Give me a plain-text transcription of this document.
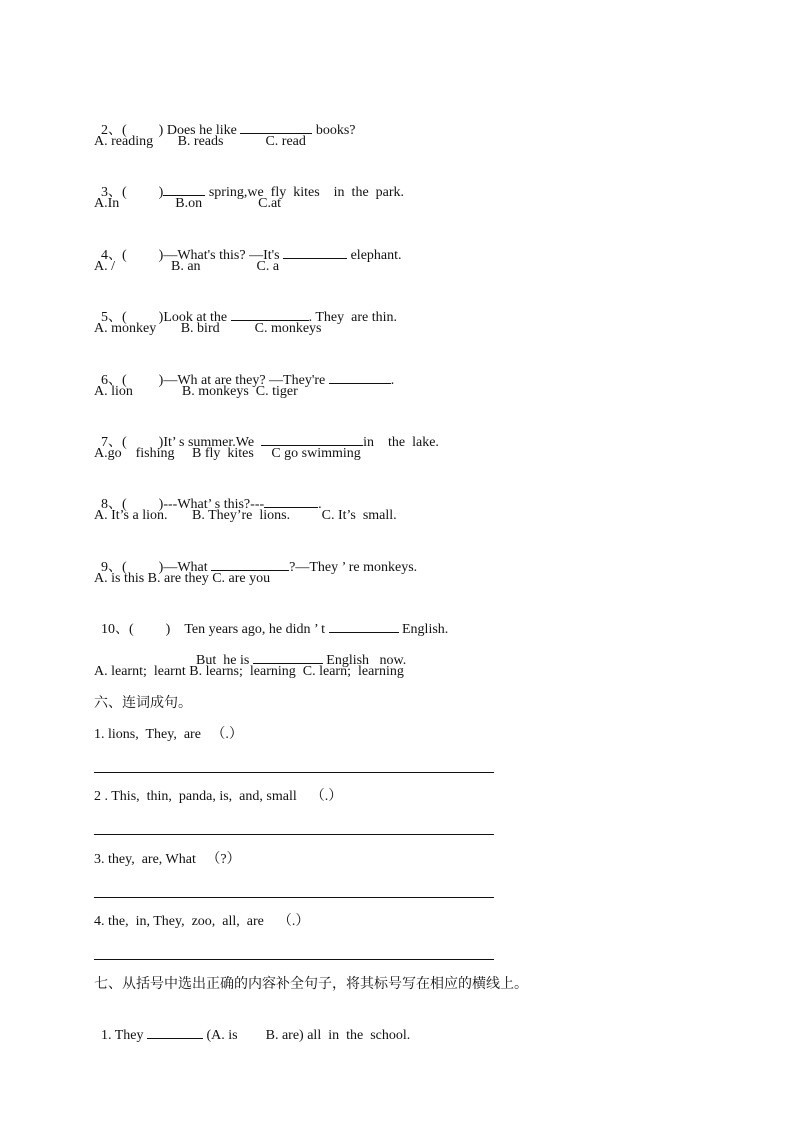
2、( ) Does he like	books?

A. reading       B. reads            C. read

3、( )	spring,we  fly  kites    in  the  park.

A.In                B.on                C.at

4、( )—What's this? —It's	elephant.

A. /                B. an                C. a

5、( )Look at the	. They  are thin.

A. monkey       B. bird          C. monkeys

6、( )—Wh at are they? —They're	.

A. lion              B. monkeys  C. tiger

7、( )It’ s summer.We	in    the  lake.

A.go    fishing     B fly  kites     C go swimming

8、( )---What’ s this?---	.

A. It’s a lion.       B. They’re  lions.         C. It’s  small.

9、( )—What	?—They ’ re monkeys.

A. is this B. are they C. are you

10、( )    Ten years ago, he didn ’ t	English.

But  he is	English   now.

A. learnt;  learnt B. learns;  learning  C. learn;  learning
六、连词成句。
1. lions,  They,  are   （.）
2 . This,  thin,  panda, is,  and, small    （.）
3. they,  are, What   （?）
4. the,  in, They,  zoo,  all,  are    （.）
七、从括号中选出正确的内容补全句子，将其标号写在相应的横线上。

1. They	(A. is        B. are) all  in  the  school.
